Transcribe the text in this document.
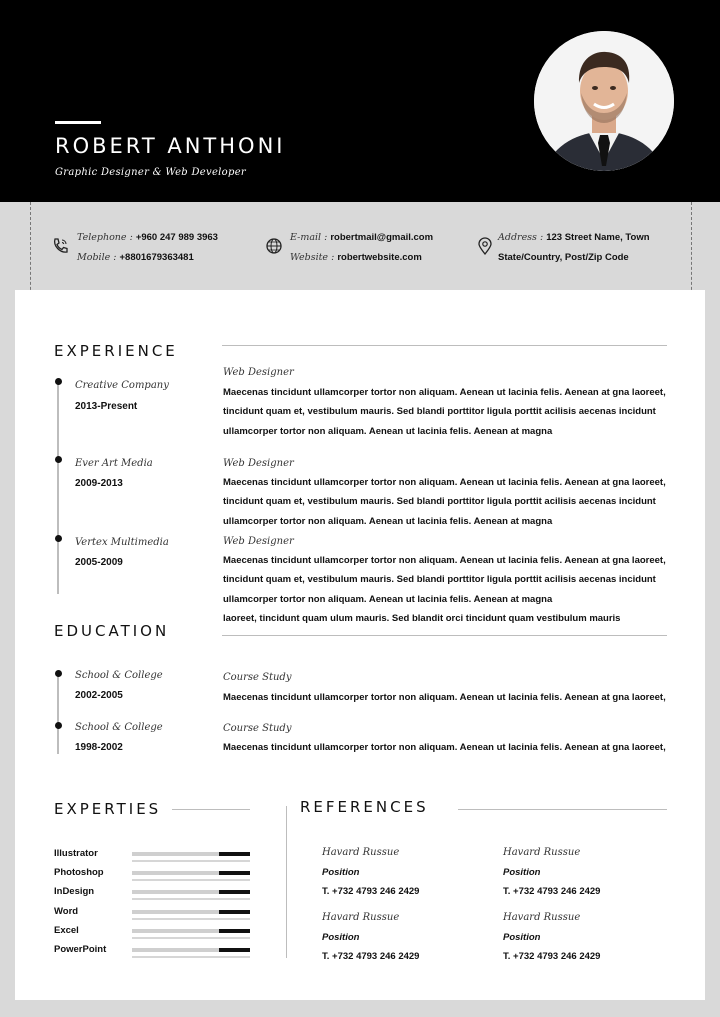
ROBERT ANTHONI
Graphic Designer & Web Developer
Telephone : +960 247 989 3963
Mobile : +8801679363481
E-mail : robertmail@gmail.com
Website : robertwebsite.com
Address : 123 Street Name, Town
State/Country, Post/Zip Code
EXPERIENCE
Creative Company
2013-Present
Web Designer
Maecenas tincidunt ullamcorper tortor non aliquam. Aenean ut lacinia felis. Aenean at gna laoreet,
tincidunt quam et, vestibulum mauris. Sed blandi porttitor ligula porttit acilisis aecenas incidunt
ullamcorper tortor non aliquam. Aenean ut lacinia felis. Aenean at magna
Ever Art Media
2009-2013
Web Designer
Maecenas tincidunt ullamcorper tortor non aliquam. Aenean ut lacinia felis. Aenean at gna laoreet,
tincidunt quam et, vestibulum mauris. Sed blandi porttitor ligula porttit acilisis aecenas incidunt
ullamcorper tortor non aliquam. Aenean ut lacinia felis. Aenean at magna
Vertex Multimedia
2005-2009
Web Designer
Maecenas tincidunt ullamcorper tortor non aliquam. Aenean ut lacinia felis. Aenean at gna laoreet,
tincidunt quam et, vestibulum mauris. Sed blandi porttitor ligula porttit acilisis aecenas incidunt
ullamcorper tortor non aliquam. Aenean ut lacinia felis. Aenean at magna
laoreet, tincidunt quam ulum mauris. Sed blandit orci tincidunt quam vestibulum mauris
EDUCATION
School & College
2002-2005
Course Study
Maecenas tincidunt ullamcorper tortor non aliquam. Aenean ut lacinia felis. Aenean at gna laoreet,
School & College
1998-2002
Course Study
Maecenas tincidunt ullamcorper tortor non aliquam. Aenean ut lacinia felis. Aenean at gna laoreet,
EXPERTIES
Illustrator
Photoshop
InDesign
Word
Excel
PowerPoint
REFERENCES
Havard Russue
Position
T. +732 4793 246 2429
Havard Russue
Position
T. +732 4793 246 2429
Havard Russue
Position
T. +732 4793 246 2429
Havard Russue
Position
T. +732 4793 246 2429
